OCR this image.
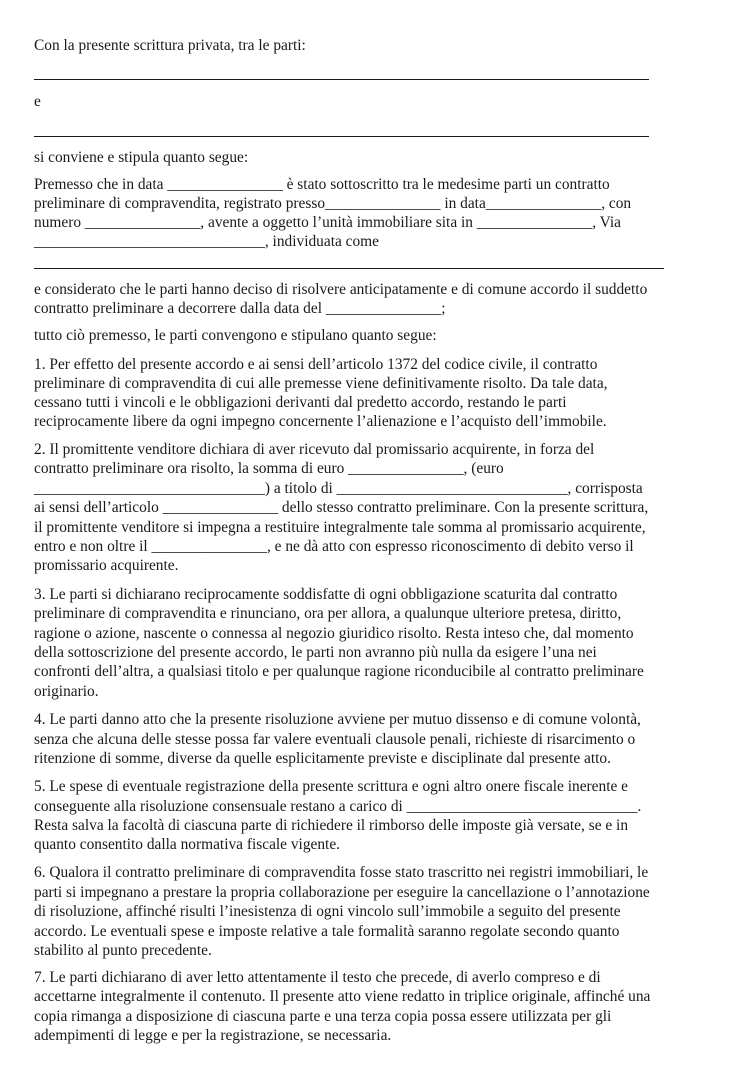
Con la presente scrittura privata, tra le parti:
e
si conviene e stipula quanto segue:
Premesso che in data _______________ è stato sottoscritto tra le medesime parti un contratto
preliminare di compravendita, registrato presso_______________ in data_______________, con
numero _______________, avente a oggetto l’unità immobiliare sita in _______________, Via
______________________________, individuata come
e considerato che le parti hanno deciso di risolvere anticipatamente e di comune accordo il suddetto
contratto preliminare a decorrere dalla data del _______________;
tutto ciò premesso, le parti convengono e stipulano quanto segue:
1. Per effetto del presente accordo e ai sensi dell’articolo 1372 del codice civile, il contratto
preliminare di compravendita di cui alle premesse viene definitivamente risolto. Da tale data,
cessano tutti i vincoli e le obbligazioni derivanti dal predetto accordo, restando le parti
reciprocamente libere da ogni impegno concernente l’alienazione e l’acquisto dell’immobile.
2. Il promittente venditore dichiara di aver ricevuto dal promissario acquirente, in forza del
contratto preliminare ora risolto, la somma di euro _______________, (euro
______________________________) a titolo di ______________________________, corrisposta
ai sensi dell’articolo _______________ dello stesso contratto preliminare. Con la presente scrittura,
il promittente venditore si impegna a restituire integralmente tale somma al promissario acquirente,
entro e non oltre il _______________, e ne dà atto con espresso riconoscimento di debito verso il
promissario acquirente.
3. Le parti si dichiarano reciprocamente soddisfatte di ogni obbligazione scaturita dal contratto
preliminare di compravendita e rinunciano, ora per allora, a qualunque ulteriore pretesa, diritto,
ragione o azione, nascente o connessa al negozio giuridico risolto. Resta inteso che, dal momento
della sottoscrizione del presente accordo, le parti non avranno più nulla da esigere l’una nei
confronti dell’altra, a qualsiasi titolo e per qualunque ragione riconducibile al contratto preliminare
originario.
4. Le parti danno atto che la presente risoluzione avviene per mutuo dissenso e di comune volontà,
senza che alcuna delle stesse possa far valere eventuali clausole penali, richieste di risarcimento o
ritenzione di somme, diverse da quelle esplicitamente previste e disciplinate dal presente atto.
5. Le spese di eventuale registrazione della presente scrittura e ogni altro onere fiscale inerente e
conseguente alla risoluzione consensuale restano a carico di ______________________________.
Resta salva la facoltà di ciascuna parte di richiedere il rimborso delle imposte già versate, se e in
quanto consentito dalla normativa fiscale vigente.
6. Qualora il contratto preliminare di compravendita fosse stato trascritto nei registri immobiliari, le
parti si impegnano a prestare la propria collaborazione per eseguire la cancellazione o l’annotazione
di risoluzione, affinché risulti l’inesistenza di ogni vincolo sull’immobile a seguito del presente
accordo. Le eventuali spese e imposte relative a tale formalità saranno regolate secondo quanto
stabilito al punto precedente.
7. Le parti dichiarano di aver letto attentamente il testo che precede, di averlo compreso e di
accettarne integralmente il contenuto. Il presente atto viene redatto in triplice originale, affinché una
copia rimanga a disposizione di ciascuna parte e una terza copia possa essere utilizzata per gli
adempimenti di legge e per la registrazione, se necessaria.
